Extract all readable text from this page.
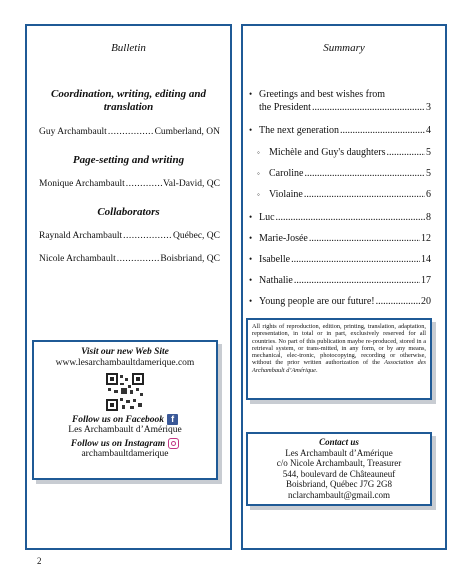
Bulletin
Coordination, writing, editing and translation
Guy Archambault .....	Cumberland, ON
Page-setting and writing
Monique Archambault .....	Val-David, QC
Collaborators
Raynald Archambault .....	Québec, QC
Nicole Archambault .....	Boisbriand, QC
Visit our new Web Site
www.lesarchambaultdamerique.com
Follow us on Facebook f
Les Archambault d’Amérique
Follow us on Instagram
archambaultdamerique
Summary
• Greetings and best wishes from
the President .....	3
• The next generation .....	4
◦ Michèle and Guy's daughters .....	5
◦ Caroline .....	5
◦ Violaine .....	6
• Luc .....	8
• Marie-Josée .....	12
• Isabelle .....	14
• Nathalie .....	17
• Young people are our future! .....	20
All rights of reproduction, edition, printing, translation, adaptation, representation, in total or in part, exclusively reserved for all countries. No part of this publication maybe re-produced, stored in a retrieval system, or trans-mitted, in any form, or by any means, mechanical, elec-tronic, photocopying, recording or otherwise, without the prior written authorization of the Association des Archambault d’Amérique.
Contact us
Les Archambault d’Amérique
c/o Nicole Archambault, Treasurer
544, boulevard de Châteauneuf
Boisbriand, Québec J7G 2G8
nclarchambault@gmail.com
2
